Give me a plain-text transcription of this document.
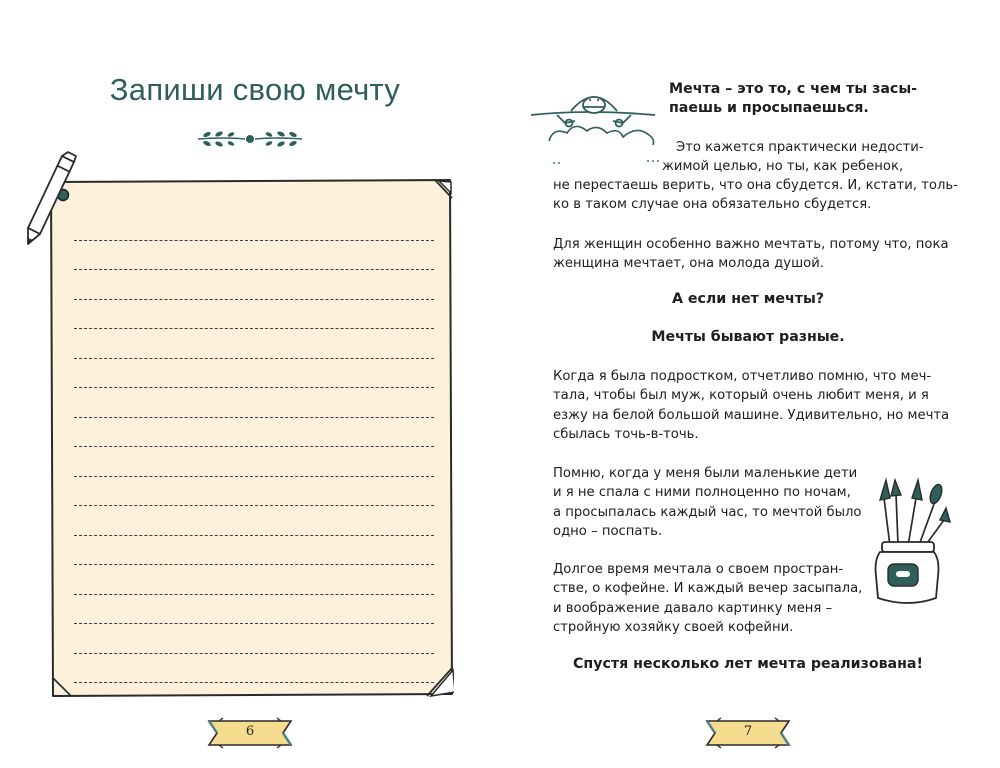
Запиши свою мечту
6
Мечта – это то, с чем ты засы-
паешь и просыпаешься.
Это кажется практически недости-
жимой целью, но ты, как ребенок,
не перестаешь верить, что она сбудется. И, кстати, толь-
ко в таком случае она обязательно сбудется.
Для женщин особенно важно мечтать, потому что, пока
женщина мечтает, она молода душой.
А если нет мечты?
Мечты бывают разные.
Когда я была подростком, отчетливо помню, что меч-
тала, чтобы был муж, который очень любит меня, и я
езжу на белой большой машине. Удивительно, но мечта
сбылась точь-в-точь.
Помню, когда у меня были маленькие дети
и я не спала с ними полноценно по ночам,
а просыпалась каждый час, то мечтой было
одно – поспать.
Долгое время мечтала о своем простран-
стве, о кофейне. И каждый вечер засыпала,
и воображение давало картинку меня –
стройную хозяйку своей кофейни.
Спустя несколько лет мечта реализована!
7
